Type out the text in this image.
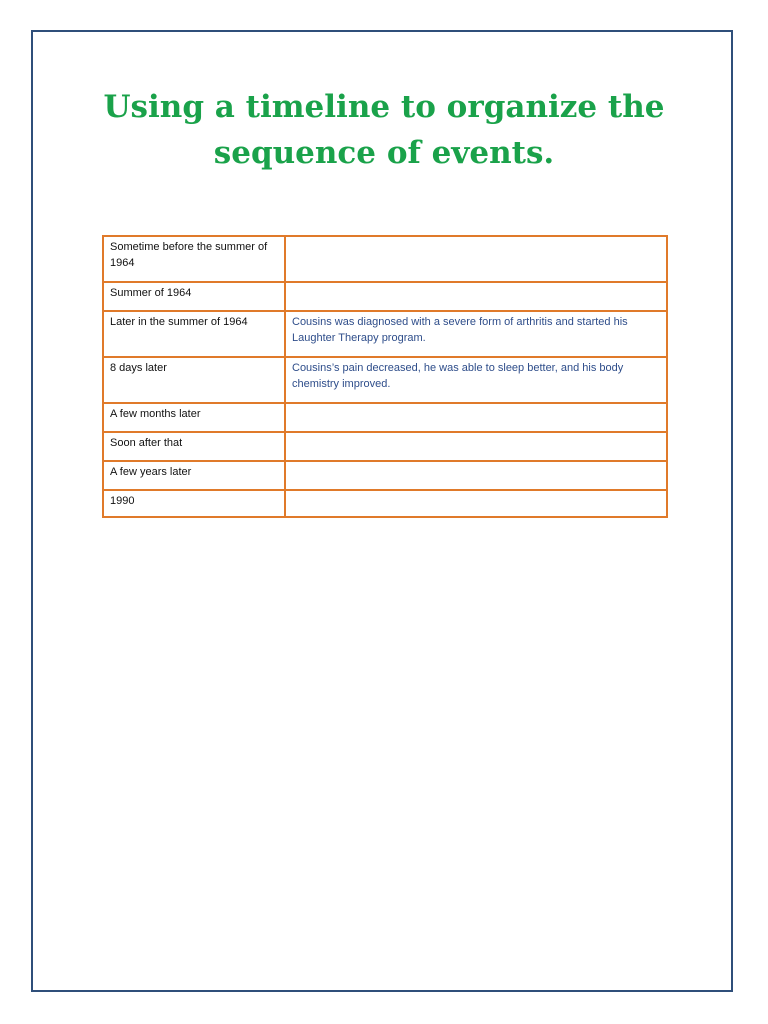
Using a timeline to organize the
sequence of events.
Sometime before the summer of 1964	
Summer of 1964	
Later in the summer of 1964	Cousins was diagnosed with a severe form of arthritis and started his Laughter Therapy program.
8 days later	Cousins’s pain decreased, he was able to sleep better, and his body chemistry improved.
A few months later	
Soon after that	
A few years later	
1990	
